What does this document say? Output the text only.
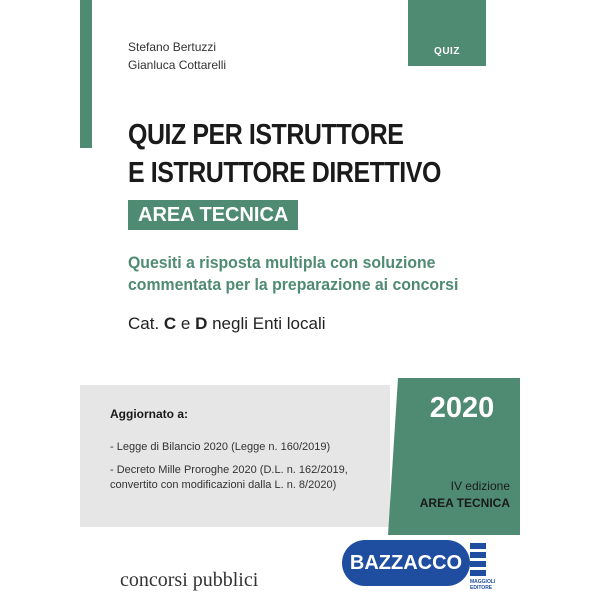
Stefano Bertuzzi
Gianluca Cottarelli
QUIZ
QUIZ PER ISTRUTTORE
E ISTRUTTORE DIRETTIVO
AREA TECNICA
Quesiti a risposta multipla con soluzione
commentata per la preparazione ai concorsi
Cat. C e D negli Enti locali
Aggiornato a:
- Legge di Bilancio 2020 (Legge n. 160/2019)
- Decreto Mille Proroghe 2020 (D.L. n. 162/2019, convertito con modificazioni dalla L. n. 8/2020)
2020
IV edizione
AREA TECNICA
concorsi pubblici
BAZZACCO
MAGGIOLI EDITORE
